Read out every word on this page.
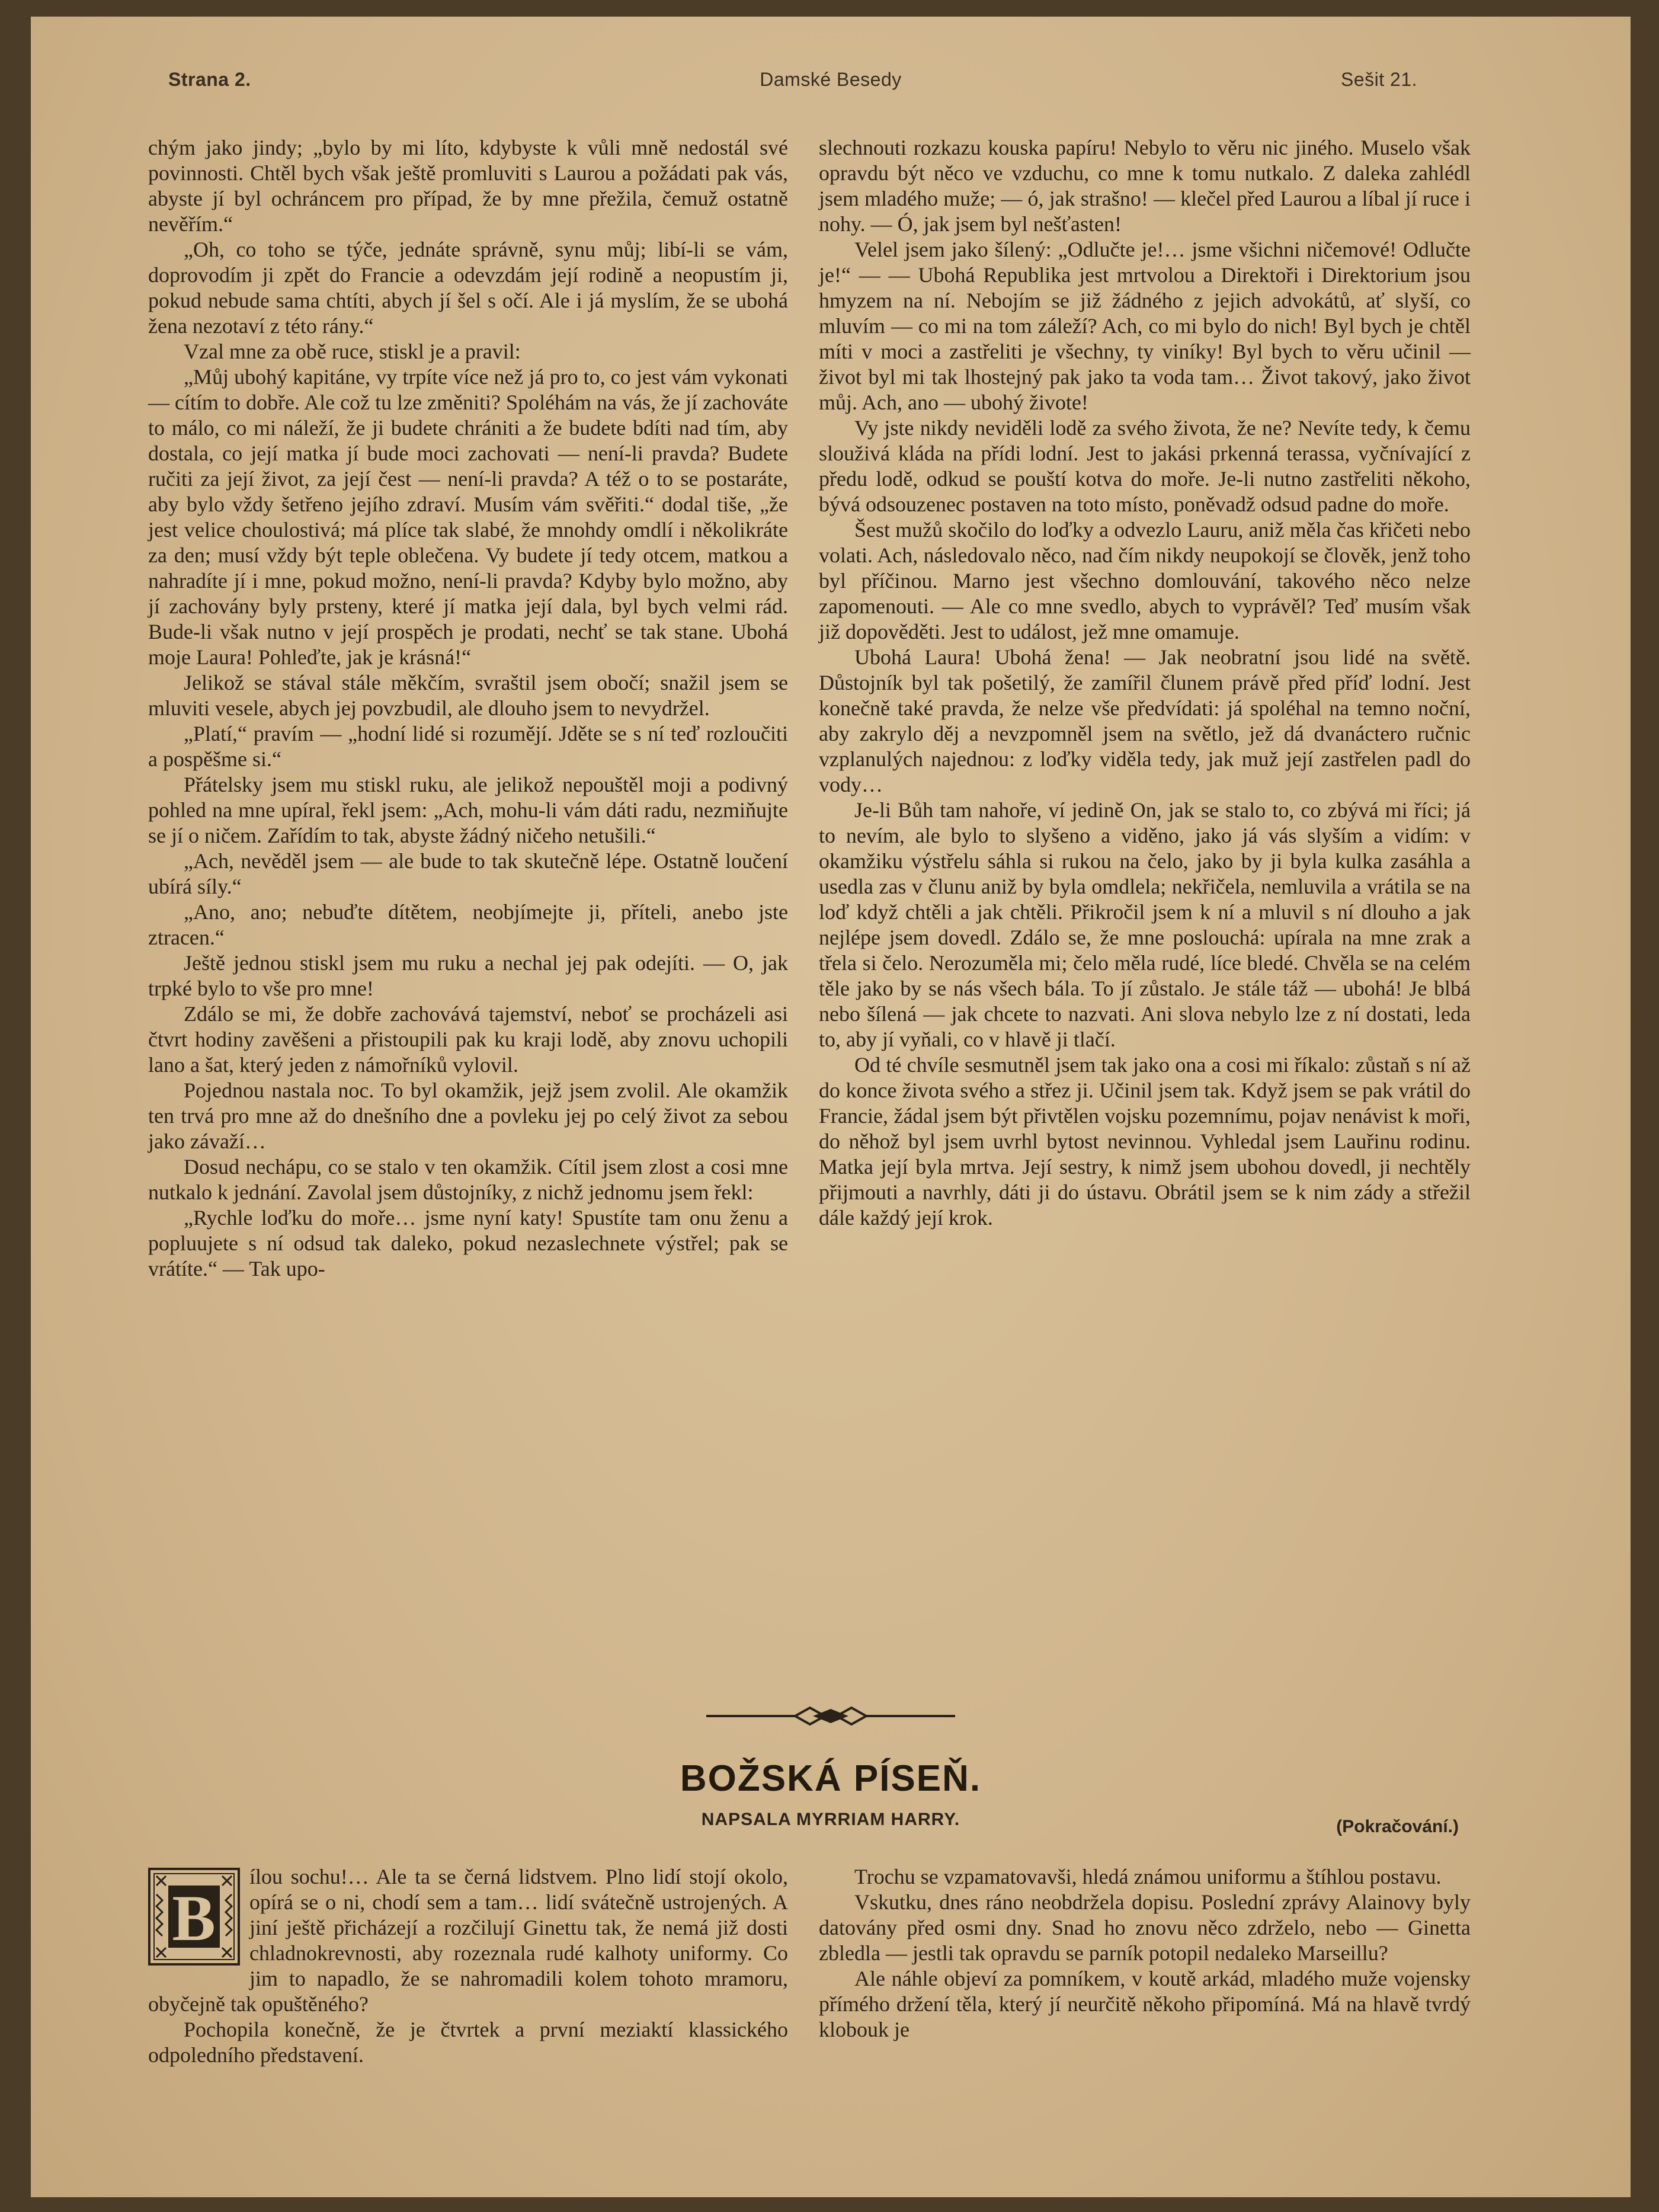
Strana 2.	Damské Besedy	Sešit 21.

chým jako jindy; „bylo by mi líto, kdybyste k vůli mně nedostál své povinnosti. Chtěl bych však ještě promluviti s Laurou a požádati pak vás, abyste jí byl ochráncem pro případ, že by mne přežila, čemuž ostatně nevěřím.“

„Oh, co toho se týče, jednáte správně, synu můj; libí-li se vám, doprovodím ji zpět do Francie a odevzdám její rodině a neopustím ji, pokud nebude sama chtíti, abych jí šel s očí. Ale i já myslím, že se ubohá žena nezotaví z této rány.“

Vzal mne za obě ruce, stiskl je a pravil:

„Můj ubohý kapitáne, vy trpíte více než já pro to, co jest vám vykonati — cítím to dobře. Ale což tu lze změniti? Spoléhám na vás, že jí zachováte to málo, co mi náleží, že ji budete chrániti a že budete bdíti nad tím, aby dostala, co její matka jí bude moci zachovati — není-li pravda? Budete ručiti za její život, za její čest — není-li pravda? A též o to se postaráte, aby bylo vždy šetřeno jejího zdraví. Musím vám svěřiti.“ dodal tiše, „že jest velice choulostivá; má plíce tak slabé, že mnohdy omdlí i několikráte za den; musí vždy být teple oblečena. Vy budete jí tedy otcem, matkou a nahradíte jí i mne, pokud možno, není-li pravda? Kdyby bylo možno, aby jí zachovány byly prsteny, které jí matka její dala, byl bych velmi rád. Bude-li však nutno v její prospěch je prodati, nechť se tak stane. Ubohá moje Laura! Pohleďte, jak je krásná!“

Jelikož se stával stále měkčím, svraštil jsem obočí; snažil jsem se mluviti vesele, abych jej povzbudil, ale dlouho jsem to nevydržel.

„Platí,“ pravím — „hodní lidé si rozumějí. Jděte se s ní teď rozloučiti a pospěšme si.“

Přátelsky jsem mu stiskl ruku, ale jelikož nepouštěl moji a podivný pohled na mne upíral, řekl jsem: „Ach, mohu-li vám dáti radu, nezmiňujte se jí o ničem. Zařídím to tak, abyste žádný ničeho netušili.“

„Ach, nevěděl jsem — ale bude to tak skutečně lépe. Ostatně loučení ubírá síly.“

„Ano, ano; nebuďte dítětem, neobjímejte ji, příteli, anebo jste ztracen.“

Ještě jednou stiskl jsem mu ruku a nechal jej pak odejíti. — O, jak trpké bylo to vše pro mne!

Zdálo se mi, že dobře zachovává tajemství, neboť se procházeli asi čtvrt hodiny zavěšeni a přistoupili pak ku kraji lodě, aby znovu uchopili lano a šat, který jeden z námořníků vylovil.

Pojednou nastala noc. To byl okamžik, jejž jsem zvolil. Ale okamžik ten trvá pro mne až do dnešního dne a povleku jej po celý život za sebou jako závaží…

Dosud nechápu, co se stalo v ten okamžik. Cítil jsem zlost a cosi mne nutkalo k jednání. Zavolal jsem důstojníky, z nichž jednomu jsem řekl:

„Rychle loďku do moře… jsme nyní katy! Spustíte tam onu ženu a popluujete s ní odsud tak daleko, pokud nezaslechnete výstřel; pak se vrátíte.“ — Tak upo-

slechnouti rozkazu kouska papíru! Nebylo to věru nic jiného. Muselo však opravdu být něco ve vzduchu, co mne k tomu nutkalo. Z daleka zahlédl jsem mladého muže; — ó, jak strašno! — klečel před Laurou a líbal jí ruce i nohy. — Ó, jak jsem byl nešťasten!

Velel jsem jako šílený: „Odlučte je!… jsme všichni ničemové! Odlučte je!“ — — Ubohá Republika jest mrtvolou a Direktoři i Direktorium jsou hmyzem na ní. Nebojím se již žádného z jejich advokátů, ať slyší, co mluvím — co mi na tom záleží? Ach, co mi bylo do nich! Byl bych je chtěl míti v moci a zastřeliti je všechny, ty viníky! Byl bych to věru učinil — život byl mi tak lhostejný pak jako ta voda tam… Život takový, jako život můj. Ach, ano — ubohý živote!

Vy jste nikdy neviděli lodě za svého života, že ne? Nevíte tedy, k čemu slouživá kláda na přídi lodní. Jest to jakási prkenná terassa, vyčnívající z předu lodě, odkud se pouští kotva do moře. Je-li nutno zastřeliti někoho, bývá odsouzenec postaven na toto místo, poněvadž odsud padne do moře.

Šest mužů skočilo do loďky a odvezlo Lauru, aniž měla čas křičeti nebo volati. Ach, následovalo něco, nad čím nikdy neupokojí se člověk, jenž toho byl příčinou. Marno jest všechno domlouvání, takového něco nelze zapomenouti. — Ale co mne svedlo, abych to vyprávěl? Teď musím však již dopověděti. Jest to událost, jež mne omamuje.

Ubohá Laura! Ubohá žena! — Jak neobratní jsou lidé na světě. Důstojník byl tak pošetilý, že zamířil člunem právě před příď lodní. Jest konečně také pravda, že nelze vše předvídati: já spoléhal na temno noční, aby zakrylo děj a nevzpomněl jsem na světlo, jež dá dvanáctero ručnic vzplanulých najednou: z loďky viděla tedy, jak muž její zastřelen padl do vody…

Je-li Bůh tam nahoře, ví jedině On, jak se stalo to, co zbývá mi říci; já to nevím, ale bylo to slyšeno a viděno, jako já vás slyším a vidím: v okamžiku výstřelu sáhla si rukou na čelo, jako by ji byla kulka zasáhla a usedla zas v člunu aniž by byla omdlela; nekřičela, nemluvila a vrátila se na loď když chtěli a jak chtěli. Přikročil jsem k ní a mluvil s ní dlouho a jak nejlépe jsem dovedl. Zdálo se, že mne poslouchá: upírala na mne zrak a třela si čelo. Nerozuměla mi; čelo měla rudé, líce bledé. Chvěla se na celém těle jako by se nás všech bála. To jí zůstalo. Je stále táž — ubohá! Je blbá nebo šílená — jak chcete to nazvati. Ani slova nebylo lze z ní dostati, leda to, aby jí vyňali, co v hlavě ji tlačí.

Od té chvíle sesmutněl jsem tak jako ona a cosi mi říkalo: zůstaň s ní až do konce života svého a střez ji. Učinil jsem tak. Když jsem se pak vrátil do Francie, žádal jsem být přivtělen vojsku pozemnímu, pojav nenávist k moři, do něhož byl jsem uvrhl bytost nevinnou. Vyhledal jsem Lauřinu rodinu. Matka její byla mrtva. Její sestry, k nimž jsem ubohou dovedl, ji nechtěly přijmouti a navrhly, dáti ji do ústavu. Obrátil jsem se k nim zády a střežil dále každý její krok.

BOŽSKÁ PÍSEŇ.
NAPSALA MYRRIAM HARRY.	(Pokračování.)

B
ílou sochu!… Ale ta se černá lidstvem. Plno lidí stojí okolo, opírá se o ni, chodí sem a tam… lidí svátečně ustrojených. A jiní ještě přicházejí a rozčilují Ginettu tak, že nemá již dosti chladnokrevnosti, aby rozeznala rudé kalhoty uniformy. Co jim to napadlo, že se nahromadili kolem tohoto mramoru, obyčejně tak opuštěného?

Pochopila konečně, že je čtvrtek a první meziaktí klassického odpoledního představení.

Trochu se vzpamatovavši, hledá známou uniformu a štíhlou postavu.

Vskutku, dnes ráno neobdržela dopisu. Poslední zprávy Alainovy byly datovány před osmi dny. Snad ho znovu něco zdrželo, nebo — Ginetta zbledla — jestli tak opravdu se parník potopil nedaleko Marseillu?

Ale náhle objeví za pomníkem, v koutě arkád, mladého muže vojensky přímého držení těla, který jí neurčitě někoho připomíná. Má na hlavě tvrdý klobouk je
